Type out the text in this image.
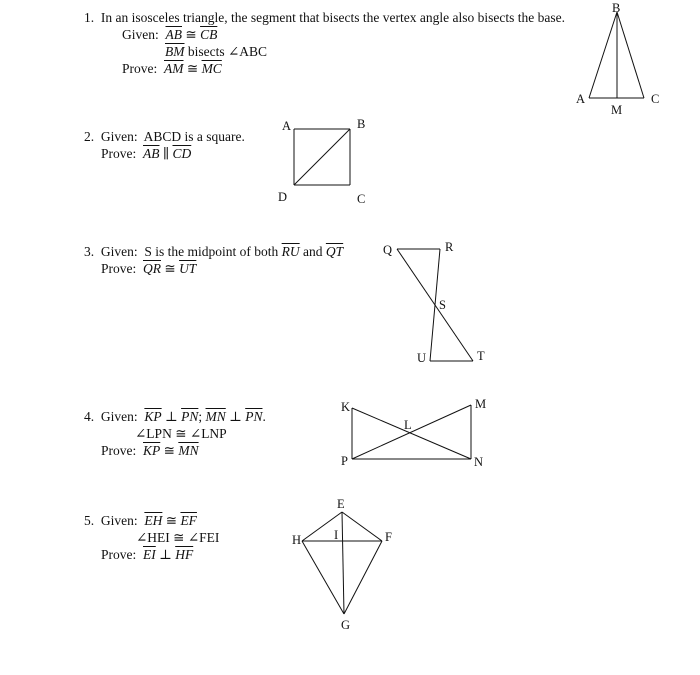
1. In an isosceles triangle, the segment that bisects the vertex angle also bisects the base.
Given: $\overline{AB}$ ≅ $\overline{CB}$
$\overline{BM}$ bisects ∠ABC
Prove: $\overline{AM}$ ≅ $\overline{MC}$
2. Given: ABCD is a square.
Prove: $\overline{AB}$ ∥ $\overline{CD}$
3. Given: S is the midpoint of both $\overline{RU}$ and $\overline{QT}$
Prove: $\overline{QR}$ ≅ $\overline{UT}$
4. Given: $\overline{KP}$ ⊥ $\overline{PN}$; $\overline{MN}$ ⊥ $\overline{PN}$.
∠LPN ≅ ∠LNP
Prove: $\overline{KP}$ ≅ $\overline{MN}$
5. Given: $\overline{EH}$ ≅ $\overline{EF}$
∠HEI ≅ ∠FEI
Prove: $\overline{EI}$ ⊥ $\overline{HF}$
B
A	C
M
A	B
D	C
Q	R
S
U	T
K	M
L
P	N
E
H	I	F
G
